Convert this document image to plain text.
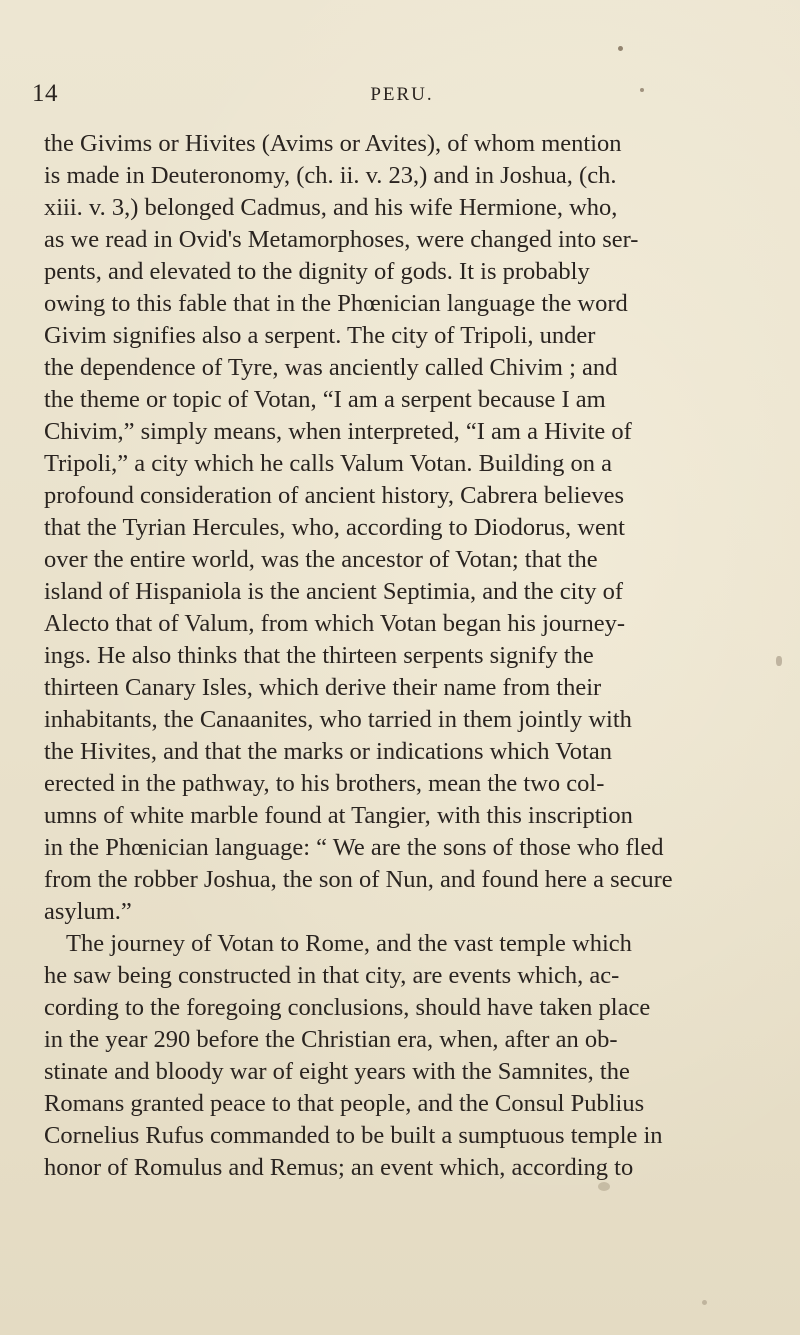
14	PERU.
the Givims or Hivites (Avims or Avites), of whom mention
is made in Deuteronomy, (ch. ii. v. 23,) and in Joshua, (ch.
xiii. v. 3,) belonged Cadmus, and his wife Hermione, who,
as we read in Ovid's Metamorphoses, were changed into ser-
pents, and elevated to the dignity of gods. It is probably
owing to this fable that in the Phœnician language the word
Givim signifies also a serpent. The city of Tripoli, under
the dependence of Tyre, was anciently called Chivim ; and
the theme or topic of Votan, “I am a serpent because I am
Chivim,” simply means, when interpreted, “I am a Hivite of
Tripoli,” a city which he calls Valum Votan. Building on a
profound consideration of ancient history, Cabrera believes
that the Tyrian Hercules, who, according to Diodorus, went
over the entire world, was the ancestor of Votan; that the
island of Hispaniola is the ancient Septimia, and the city of
Alecto that of Valum, from which Votan began his journey-
ings. He also thinks that the thirteen serpents signify the
thirteen Canary Isles, which derive their name from their
inhabitants, the Canaanites, who tarried in them jointly with
the Hivites, and that the marks or indications which Votan
erected in the pathway, to his brothers, mean the two col-
umns of white marble found at Tangier, with this inscription
in the Phœnician language: “ We are the sons of those who fled
from the robber Joshua, the son of Nun, and found here a secure
asylum.”
The journey of Votan to Rome, and the vast temple which
he saw being constructed in that city, are events which, ac-
cording to the foregoing conclusions, should have taken place
in the year 290 before the Christian era, when, after an ob-
stinate and bloody war of eight years with the Samnites, the
Romans granted peace to that people, and the Consul Publius
Cornelius Rufus commanded to be built a sumptuous temple in
honor of Romulus and Remus; an event which, according to
